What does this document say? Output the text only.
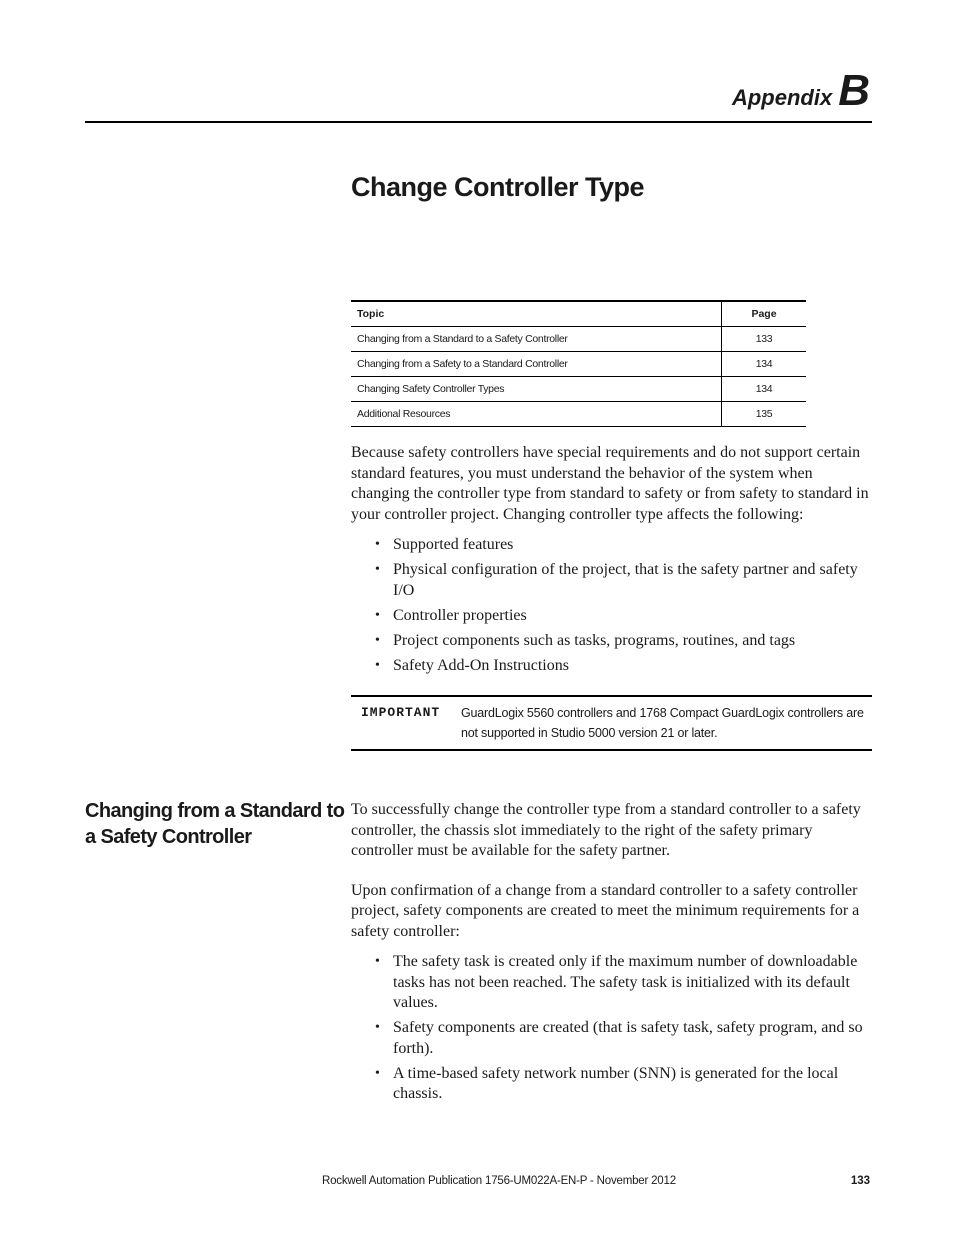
Appendix B
Change Controller Type
Topic	Page
Changing from a Standard to a Safety Controller	133
Changing from a Safety to a Standard Controller	134
Changing Safety Controller Types	134
Additional Resources	135

Because safety controllers have special requirements and do not support certain standard features, you must understand the behavior of the system when changing the controller type from standard to safety or from safety to standard in your controller project. Changing controller type affects the following:

• Supported features
• Physical configuration of the project, that is the safety partner and safety I/O
• Controller properties
• Project components such as tasks, programs, routines, and tags
• Safety Add-On Instructions
IMPORTANT GuardLogix 5560 controllers and 1768 Compact GuardLogix controllers are not supported in Studio 5000 version 21 or later.
Changing from a Standard to a Safety Controller

To successfully change the controller type from a standard controller to a safety controller, the chassis slot immediately to the right of the safety primary controller must be available for the safety partner.

Upon confirmation of a change from a standard controller to a safety controller project, safety components are created to meet the minimum requirements for a safety controller:

• The safety task is created only if the maximum number of downloadable tasks has not been reached. The safety task is initialized with its default values.
• Safety components are created (that is safety task, safety program, and so forth).
• A time-based safety network number (SNN) is generated for the local chassis.
Rockwell Automation Publication 1756-UM022A-EN-P - November 2012	133
